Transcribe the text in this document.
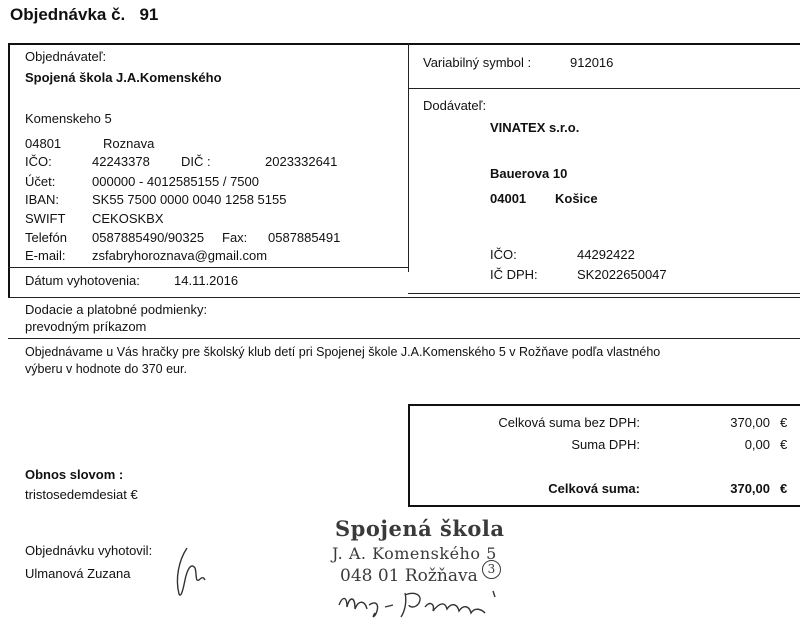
Objednávka č. 91
Objednávateľ:
Spojená škola J.A.Komenského
Komenskeho 5
04801	Roznava
IČO:	42243378 DIČ :	2023332641
Účet:	000000 - 4012585155 / 7500
IBAN:	SK55 7500 0000 0040 1258 5155
SWIFT CEKOSKBX
Telefón 0587885490/90325 Fax: 0587885491
E-mail: zsfabryhoroznava@gmail.com
Variabilný symbol :	912016
Dodávateľ:
VINATEX s.r.o.
Bauerova 10
04001 Košice
IČO:	44292422
IČ DPH:	SK2022650047
Dátum vyhotovenia:	14.11.2016
Dodacie a platobné podmienky:
prevodným príkazom
Objednávame u Vás hračky pre školský klub detí pri Spojenej škole J.A.Komenského 5 v Rožňave podľa vlastného
výberu v hodnote do 370 eur.
Celková suma bez DPH:	370,00 €
Suma DPH:	0,00 €
Celková suma:	370,00 €
Obnos slovom :
tristosedemdesiat €
Objednávku vyhotovil:
Ulmanová Zuzana
Spojená škola
J. A. Komenského 5
048 01 Rožňava 3
